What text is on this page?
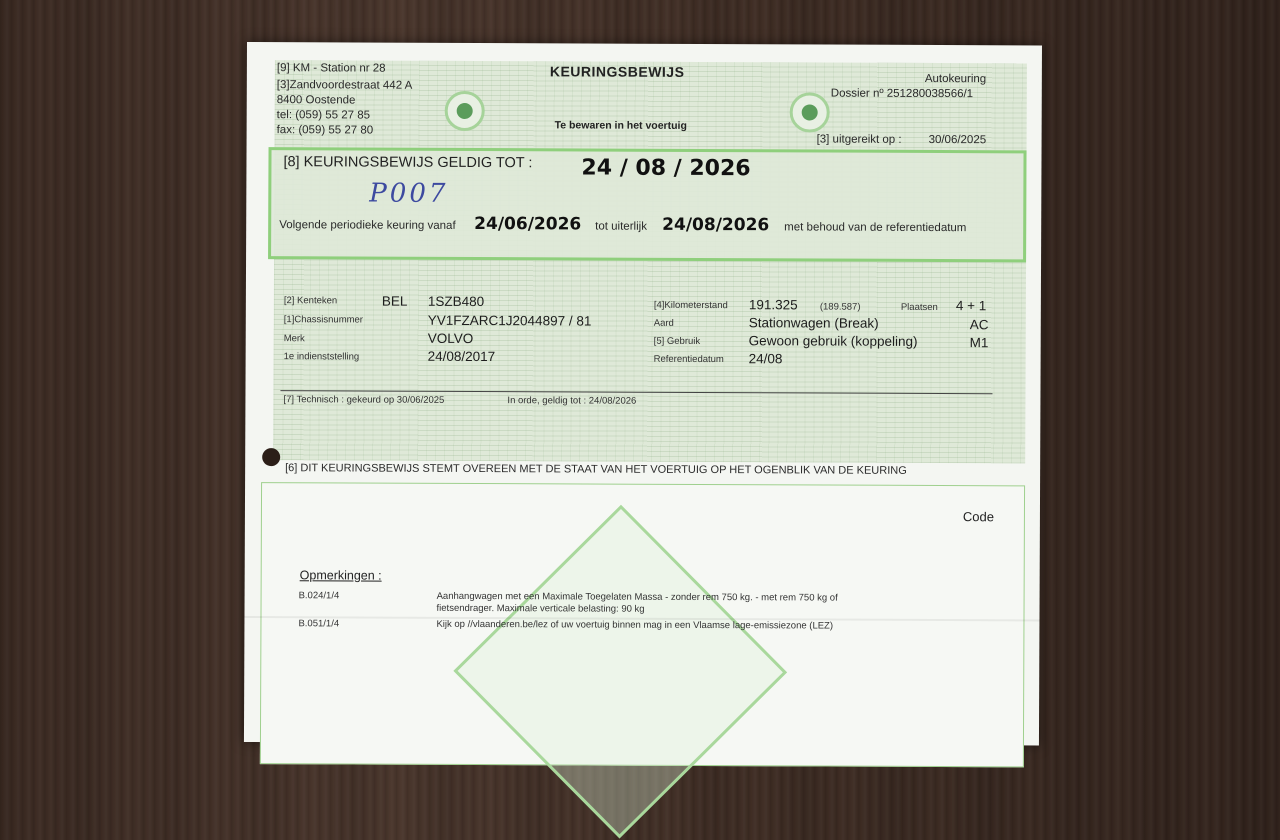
[9] KM - Station nr 28
[3]Zandvoordestraat 442 A
8400 Oostende
tel: (059) 55 27 85
fax: (059) 55 27 80
KEURINGSBEWIJS
Te bewaren in het voertuig
Autokeuring
Dossier nº 251280038566/1
[3] uitgereikt op : 30/06/2025
[8] KEURINGSBEWIJS GELDIG TOT : 24 / 08 / 2026
P007
Volgende periodieke keuring vanaf 24/06/2026 tot uiterlijk 24/08/2026 met behoud van de referentiedatum
[2] Kenteken	BEL 1SZB480
[1]Chassisnummer	YV1FZARC1J2044897 / 81
Merk	VOLVO
1e indienststelling	24/08/2017
[4]Kilometerstand 191.325 (189.587)	Plaatsen 4 + 1
Aard	Stationwagen (Break)	AC
[5] Gebruik	Gewoon gebruik (koppeling)	M1
Referentiedatum 24/08
[7] Technisch : gekeurd op 30/06/2025	In orde, geldig tot : 24/08/2026
[6] DIT KEURINGSBEWIJS STEMT OVEREEN MET DE STAAT VAN HET VOERTUIG OP HET OGENBLIK VAN DE KEURING
Code
Opmerkingen :
B.024/1/4	Aanhangwagen met een Maximale Toegelaten Massa - zonder rem 750 kg. - met rem 750 kg of
fietsendrager. Maximale verticale belasting: 90 kg
B.051/1/4	Kijk op //vlaanderen.be/lez of uw voertuig binnen mag in een Vlaamse lage-emissiezone (LEZ)
